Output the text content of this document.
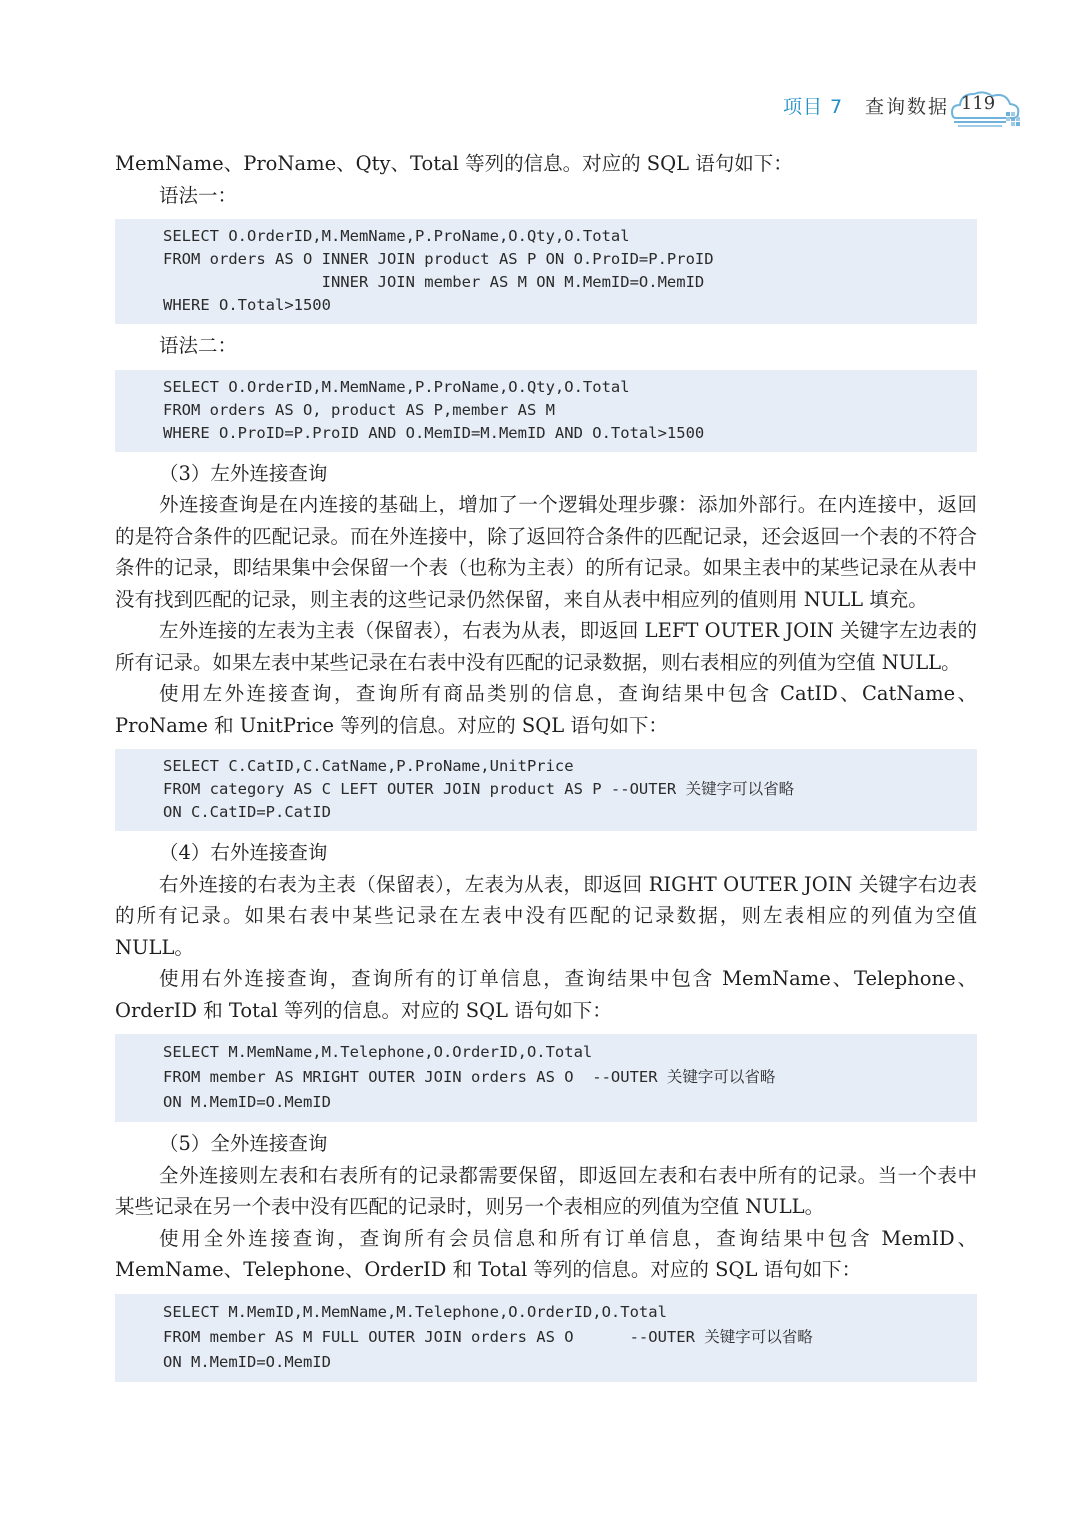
项目 7 查询数据 119

MemName、ProName、Qty、Total 等列的信息。对应的 SQL 语句如下：

语法一：

SELECT O.OrderID,M.MemName,P.ProName,O.Qty,O.Total
FROM orders AS O INNER JOIN product AS P ON O.ProID=P.ProID
INNER JOIN member AS M ON M.MemID=O.MemID
WHERE O.Total>1500

语法二：

SELECT O.OrderID,M.MemName,P.ProName,O.Qty,O.Total
FROM orders AS O, product AS P,member AS M
WHERE O.ProID=P.ProID AND O.MemID=M.MemID AND O.Total>1500

（3）左外连接查询

外连接查询是在内连接的基础上，增加了一个逻辑处理步骤：添加外部行。在内连接中，返回的是符合条件的匹配记录。而在外连接中，除了返回符合条件的匹配记录，还会返回一个表的不符合条件的记录，即结果集中会保留一个表（也称为主表）的所有记录。如果主表中的某些记录在从表中没有找到匹配的记录，则主表的这些记录仍然保留，来自从表中相应列的值则用 NULL 填充。

左外连接的左表为主表（保留表），右表为从表，即返回 LEFT OUTER JOIN 关键字左边表的所有记录。如果左表中某些记录在右表中没有匹配的记录数据，则右表相应的列值为空值 NULL。

使用左外连接查询，查询所有商品类别的信息，查询结果中包含 CatID、CatName、ProName 和 UnitPrice 等列的信息。对应的 SQL 语句如下：

SELECT C.CatID,C.CatName,P.ProName,UnitPrice
FROM category AS C LEFT OUTER JOIN product AS P --OUTER 关键字可以省略
ON C.CatID=P.CatID

（4）右外连接查询

右外连接的右表为主表（保留表），左表为从表，即返回 RIGHT OUTER JOIN 关键字右边表的所有记录。如果右表中某些记录在左表中没有匹配的记录数据，则左表相应的列值为空值 NULL。

使用右外连接查询，查询所有的订单信息，查询结果中包含 MemName、Telephone、OrderID 和 Total 等列的信息。对应的 SQL 语句如下：

SELECT M.MemName,M.Telephone,O.OrderID,O.Total
FROM member AS MRIGHT OUTER JOIN orders AS O  --OUTER 关键字可以省略
ON M.MemID=O.MemID

（5）全外连接查询

全外连接则左表和右表所有的记录都需要保留，即返回左表和右表中所有的记录。当一个表中某些记录在另一个表中没有匹配的记录时，则另一个表相应的列值为空值 NULL。

使用全外连接查询，查询所有会员信息和所有订单信息，查询结果中包含 MemID、MemName、Telephone、OrderID 和 Total 等列的信息。对应的 SQL 语句如下：

SELECT M.MemID,M.MemName,M.Telephone,O.OrderID,O.Total
FROM member AS M FULL OUTER JOIN orders AS O      --OUTER 关键字可以省略
ON M.MemID=O.MemID
